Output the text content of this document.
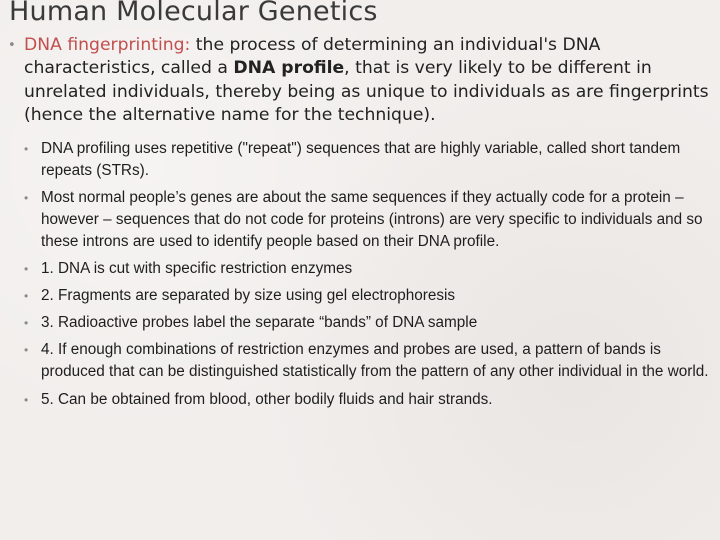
Human Molecular Genetics
• DNA fingerprinting: the process of determining an individual's DNA characteristics, called a DNA profile, that is very likely to be different in unrelated individuals, thereby being as unique to individuals as are fingerprints (hence the alternative name for the technique).
• DNA profiling uses repetitive ("repeat") sequences that are highly variable, called short tandem repeats (STRs).
• Most normal people’s genes are about the same sequences if they actually code for a protein – however – sequences that do not code for proteins (introns) are very specific to individuals and so these introns are used to identify people based on their DNA profile.
• 1. DNA is cut with specific restriction enzymes
• 2. Fragments are separated by size using gel electrophoresis
• 3. Radioactive probes label the separate “bands” of DNA sample
• 4. If enough combinations of restriction enzymes and probes are used, a pattern of bands is produced that can be distinguished statistically from the pattern of any other individual in the world.
• 5. Can be obtained from blood, other bodily fluids and hair strands.
